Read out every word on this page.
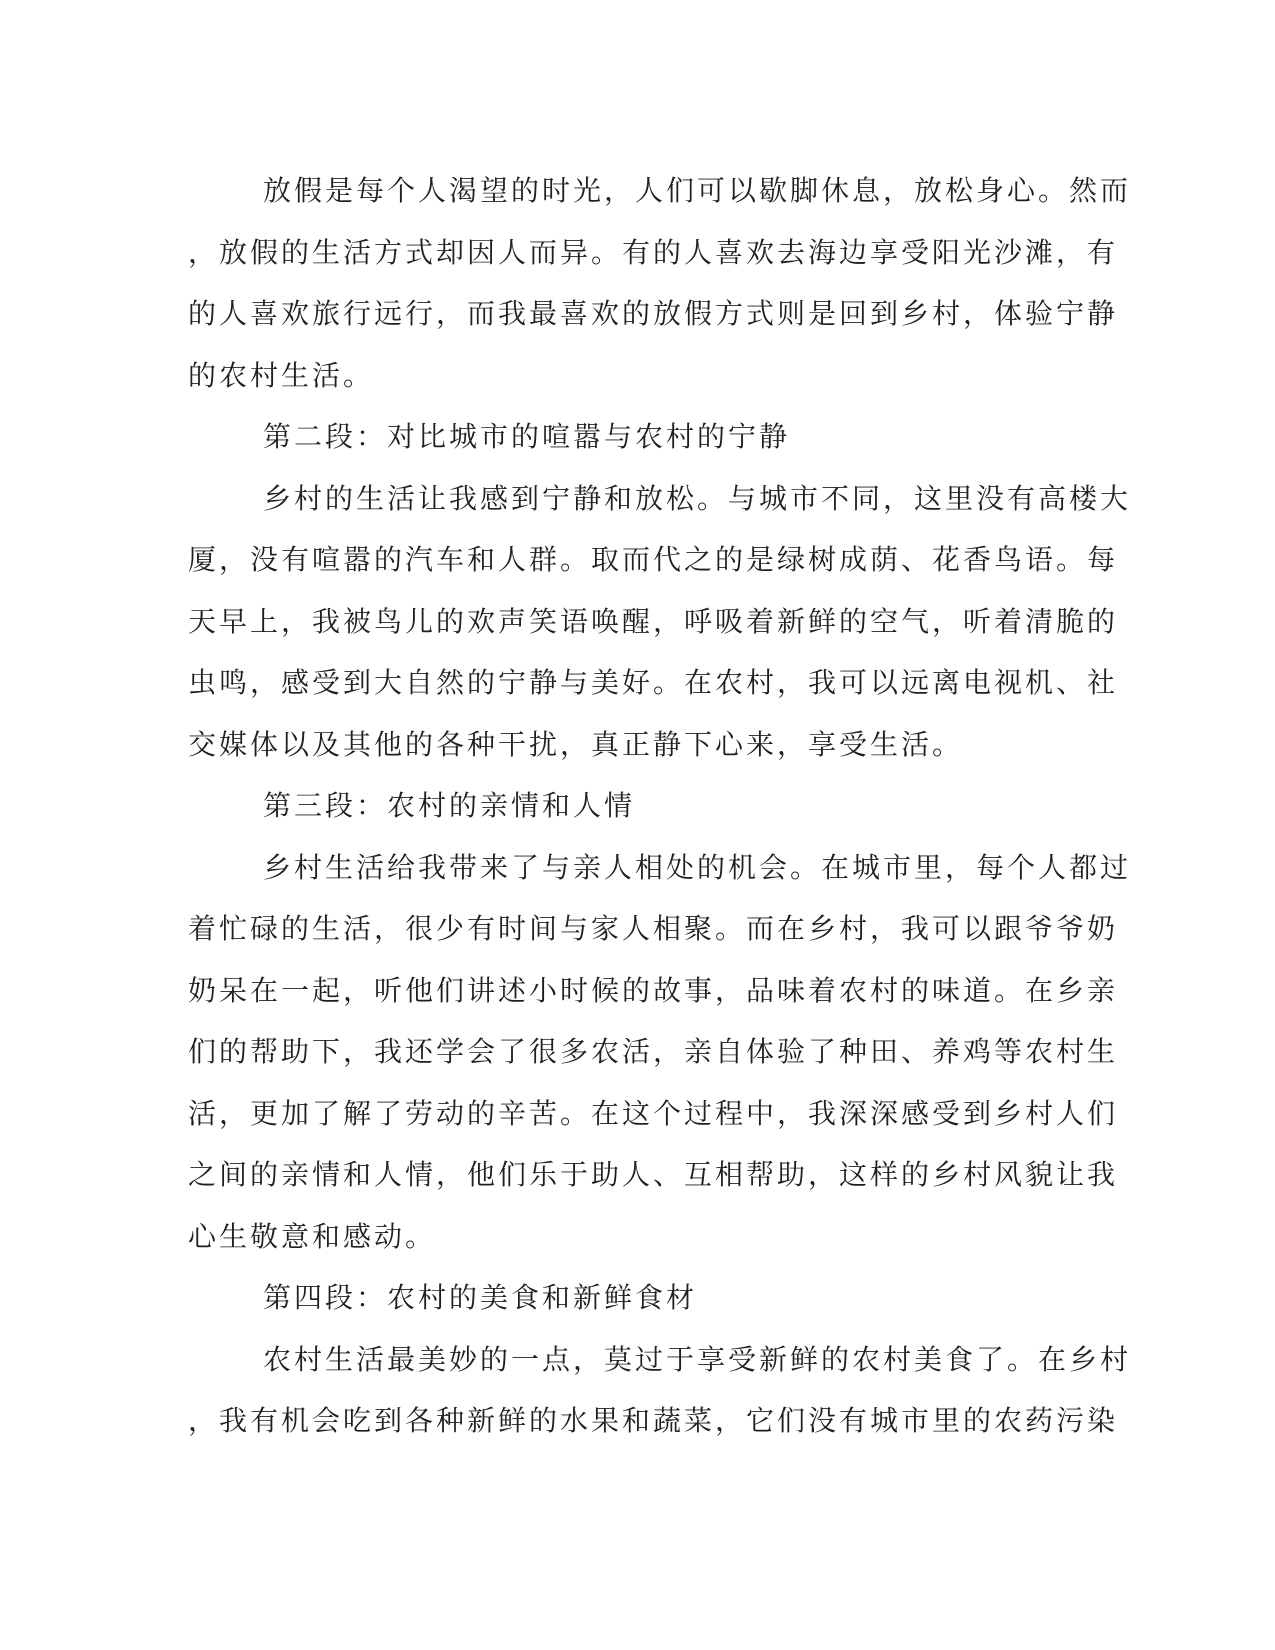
放假是每个人渴望的时光，人们可以歇脚休息，放松身心。然而
，放假的生活方式却因人而异。有的人喜欢去海边享受阳光沙滩，有
的人喜欢旅行远行，而我最喜欢的放假方式则是回到乡村，体验宁静
的农村生活。
第二段：对比城市的喧嚣与农村的宁静
乡村的生活让我感到宁静和放松。与城市不同，这里没有高楼大
厦，没有喧嚣的汽车和人群。取而代之的是绿树成荫、花香鸟语。每
天早上，我被鸟儿的欢声笑语唤醒，呼吸着新鲜的空气，听着清脆的
虫鸣，感受到大自然的宁静与美好。在农村，我可以远离电视机、社
交媒体以及其他的各种干扰，真正静下心来，享受生活。
第三段：农村的亲情和人情
乡村生活给我带来了与亲人相处的机会。在城市里，每个人都过
着忙碌的生活，很少有时间与家人相聚。而在乡村，我可以跟爷爷奶
奶呆在一起，听他们讲述小时候的故事，品味着农村的味道。在乡亲
们的帮助下，我还学会了很多农活，亲自体验了种田、养鸡等农村生
活，更加了解了劳动的辛苦。在这个过程中，我深深感受到乡村人们
之间的亲情和人情，他们乐于助人、互相帮助，这样的乡村风貌让我
心生敬意和感动。
第四段：农村的美食和新鲜食材
农村生活最美妙的一点，莫过于享受新鲜的农村美食了。在乡村
，我有机会吃到各种新鲜的水果和蔬菜，它们没有城市里的农药污染
